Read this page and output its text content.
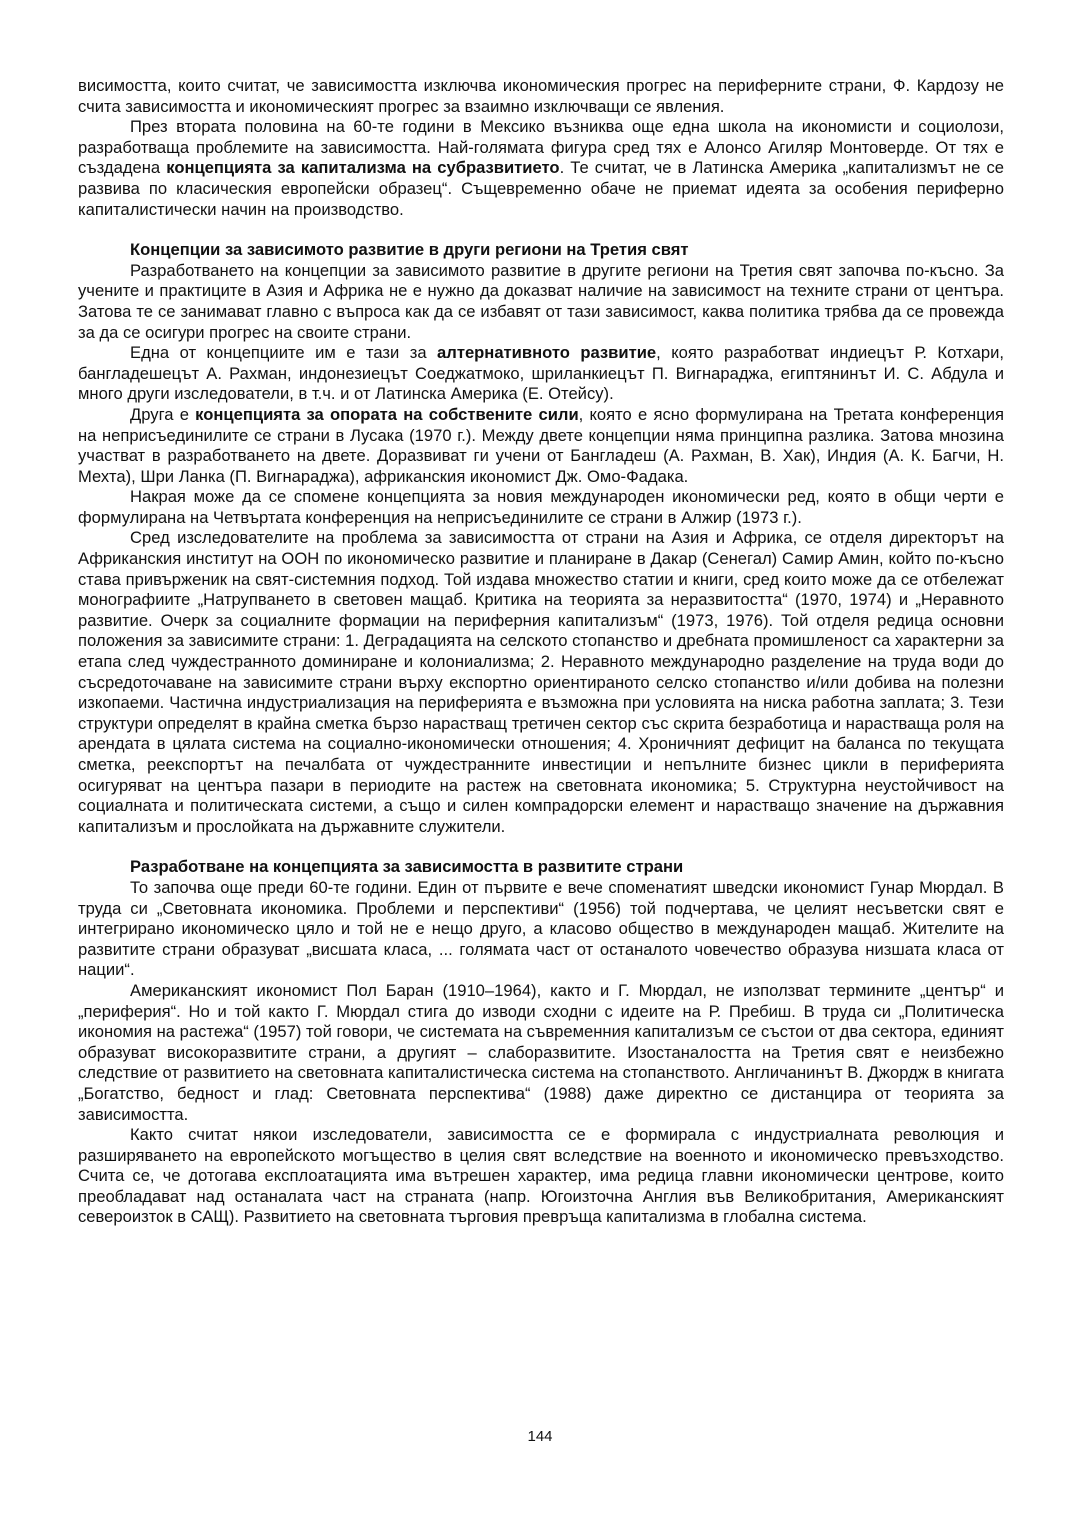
висимостта, които считат, че зависимостта изключва икономическия прогрес на периферните страни, Ф. Кардозу не счита зависимостта и икономическият прогрес за взаимно изключващи се явления.

През втората половина на 60-те години в Мексико възниква още една школа на икономисти и социолози, разработваща проблемите на зависимостта. Най-голямата фигура сред тях е Алонсо Агиляр Монтоверде. От тях е създадена концепцията за капитализма на субразвитието. Те считат, че в Латинска Америка „капитализмът не се развива по класическия европейски образец“. Същевременно обаче не приемат идеята за особения периферно капиталистически начин на производство.

Концепции за зависимото развитие в други региони на Третия свят

Разработването на концепции за зависимото развитие в другите региони на Третия свят започва по-късно. За учените и практиците в Азия и Африка не е нужно да доказват наличие на зависимост на техните страни от центъра. Затова те се занимават главно с въпроса как да се избавят от тази зависимост, каква политика трябва да се провежда за да се осигури прогрес на своите страни.

Една от концепциите им е тази за алтернативното развитие, която разработват индиецът Р. Котхари, бангладешецът А. Рахман, индонезиецът Соеджатмоко, шриланкиецът П. Вигнараджа, египтянинът И. С. Абдула и много други изследователи, в т.ч. и от Латинска Америка (Е. Отейсу).

Друга е концепцията за опората на собствените сили, която е ясно формулирана на Третата конференция на неприсъединилите се страни в Лусака (1970 г.). Между двете концепции няма принципна разлика. Затова мнозина участват в разработването на двете. Доразвиват ги учени от Бангладеш (А. Рахман, В. Хак), Индия (А. К. Багчи, Н. Мехта), Шри Ланка (П. Вигнараджа), африканския икономист Дж. Омо-Фадака.

Накрая може да се спомене концепцията за новия международен икономически ред, която в общи черти е формулирана на Четвъртата конференция на неприсъединилите се страни в Алжир (1973 г.).

Сред изследователите на проблема за зависимостта от страни на Азия и Африка, се отделя директорът на Африканския институт на ООН по икономическо развитие и планиране в Дакар (Сенегал) Самир Амин, който по-късно става привърженик на свят-системния подход. Той издава множество статии и книги, сред които може да се отбележат монографиите „Натрупването в световен мащаб. Критика на теорията за неразвитостта“ (1970, 1974) и „Неравното развитие. Очерк за социалните формации на периферния капитализъм“ (1973, 1976). Той отделя редица основни положения за зависимите страни: 1. Деградацията на селското стопанство и дребната промишленост са характерни за етапа след чуждестранното доминиране и колониализма; 2. Неравното международно разделение на труда води до съсредоточаване на зависимите страни върху експортно ориентираното селско стопанство и/или добива на полезни изкопаеми. Частична индустриализация на периферията е възможна при условията на ниска работна заплата; 3. Тези структури определят в крайна сметка бързо нарастващ третичен сектор със скрита безработица и нарастваща роля на арендата в цялата система на социално-икономически отношения; 4. Хроничният дефицит на баланса по текущата сметка, реекспортът на печалбата от чуждестранните инвестиции и непълните бизнес цикли в периферията осигуряват на центъра пазари в периодите на растеж на световната икономика; 5. Структурна неустойчивост на социалната и политическата системи, а също и силен компрадорски елемент и нарастващо значение на държавния капитализъм и прослойката на държавните служители.

Разработване на концепцията за зависимостта в развитите страни

То започва още преди 60-те години. Един от първите е вече споменатият шведски икономист Гунар Мюрдал. В труда си „Световната икономика. Проблеми и перспективи“ (1956) той подчертава, че целият несъветски свят е интегрирано икономическо цяло и той не е нещо друго, а класово общество в международен мащаб. Жителите на развитите страни образуват „висшата класа, ... голямата част от останалото човечество образува низшата класа от нации“.

Американският икономист Пол Баран (1910–1964), както и Г. Мюрдал, не използват термините „център“ и „периферия“. Но и той както Г. Мюрдал стига до изводи сходни с идеите на Р. Пребиш. В труда си „Политическа икономия на растежа“ (1957) той говори, че системата на съвременния капитализъм се състои от два сектора, единият образуват високоразвитите страни, а другият – слаборазвитите. Изостаналостта на Третия свят е неизбежно следствие от развитието на световната капиталистическа система на стопанството. Англичанинът В. Джордж в книгата „Богатство, бедност и глад: Световната перспектива“ (1988) даже директно се дистанцира от теорията за зависимостта.

Както считат някои изследователи, зависимостта се е формирала с индустриалната революция и разширяването на европейското могъщество в целия свят вследствие на военното и икономическо превъзходство. Счита се, че дотогава експлоатацията има вътрешен характер, има редица главни икономически центрове, които преобладават над останалата част на страната (напр. Югоизточна Англия във Великобритания, Американският североизток в САЩ). Развитието на световната търговия превръща капитализма в глобална система.

144
